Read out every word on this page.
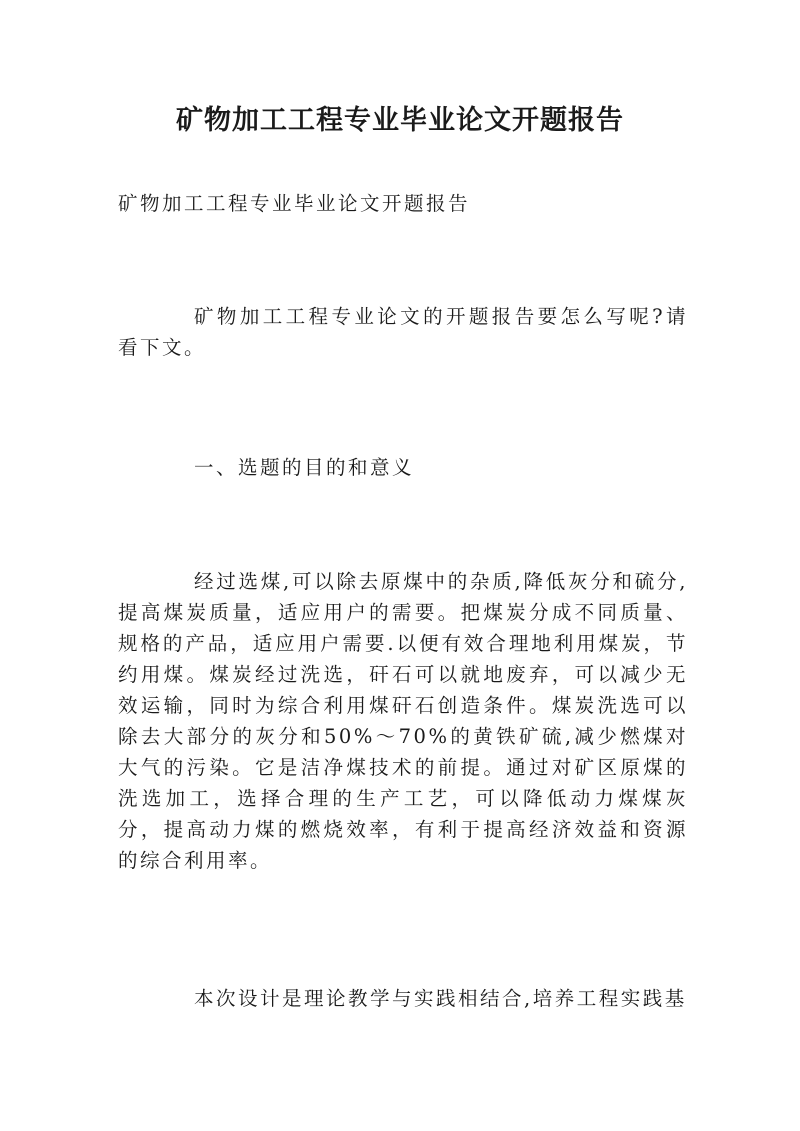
矿物加工工程专业毕业论文开题报告

矿物加工工程专业毕业论文开题报告

矿物加工工程专业论文的开题报告要怎么写呢?请看下文。

一、选题的目的和意义

经过选煤,可以除去原煤中的杂质,降低灰分和硫分,提高煤炭质量，适应用户的需要。把煤炭分成不同质量、规格的产品，适应用户需要.以便有效合理地利用煤炭，节约用煤。煤炭经过洗选，矸石可以就地废弃，可以减少无效运输，同时为综合利用煤矸石创造条件。煤炭洗选可以除去大部分的灰分和50%～70%的黄铁矿硫,减少燃煤对大气的污染。它是洁净煤技术的前提。通过对矿区原煤的洗选加工，选择合理的生产工艺，可以降低动力煤煤灰分，提高动力煤的燃烧效率，有利于提高经济效益和资源的综合利用率。

本次设计是理论教学与实践相结合,培养工程实践基
